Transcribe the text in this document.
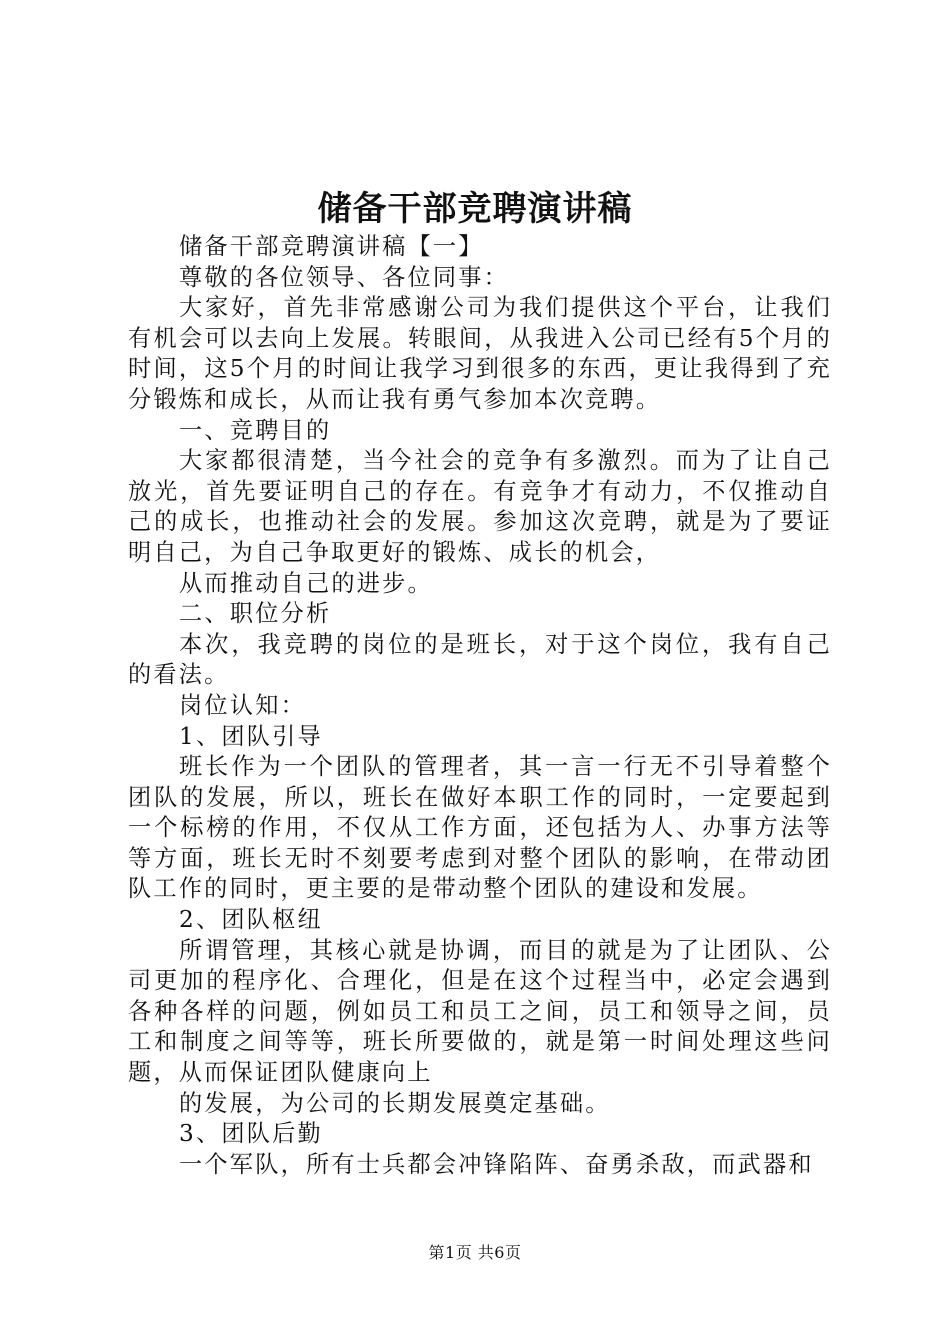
储备干部竞聘演讲稿

储备干部竞聘演讲稿【一】

尊敬的各位领导、各位同事：

大家好，首先非常感谢公司为我们提供这个平台，让我们有机会可以去向上发展。转眼间，从我进入公司已经有5个月的时间，这5个月的时间让我学习到很多的东西，更让我得到了充分锻炼和成长，从而让我有勇气参加本次竞聘。

一、竞聘目的

大家都很清楚，当今社会的竞争有多激烈。而为了让自己放光，首先要证明自己的存在。有竞争才有动力，不仅推动自己的成长，也推动社会的发展。参加这次竞聘，就是为了要证明自己，为自己争取更好的锻炼、成长的机会，

从而推动自己的进步。

二、职位分析

本次，我竞聘的岗位的是班长，对于这个岗位，我有自己的看法。

岗位认知：

1、团队引导

班长作为一个团队的管理者，其一言一行无不引导着整个团队的发展，所以，班长在做好本职工作的同时，一定要起到一个标榜的作用，不仅从工作方面，还包括为人、办事方法等等方面，班长无时不刻要考虑到对整个团队的影响，在带动团队工作的同时，更主要的是带动整个团队的建设和发展。

2、团队枢纽

所谓管理，其核心就是协调，而目的就是为了让团队、公司更加的程序化、合理化，但是在这个过程当中，必定会遇到各种各样的问题，例如员工和员工之间，员工和领导之间，员工和制度之间等等，班长所要做的，就是第一时间处理这些问题，从而保证团队健康向上

的发展，为公司的长期发展奠定基础。

3、团队后勤

一个军队，所有士兵都会冲锋陷阵、奋勇杀敌，而武器和

第1页 共6页
